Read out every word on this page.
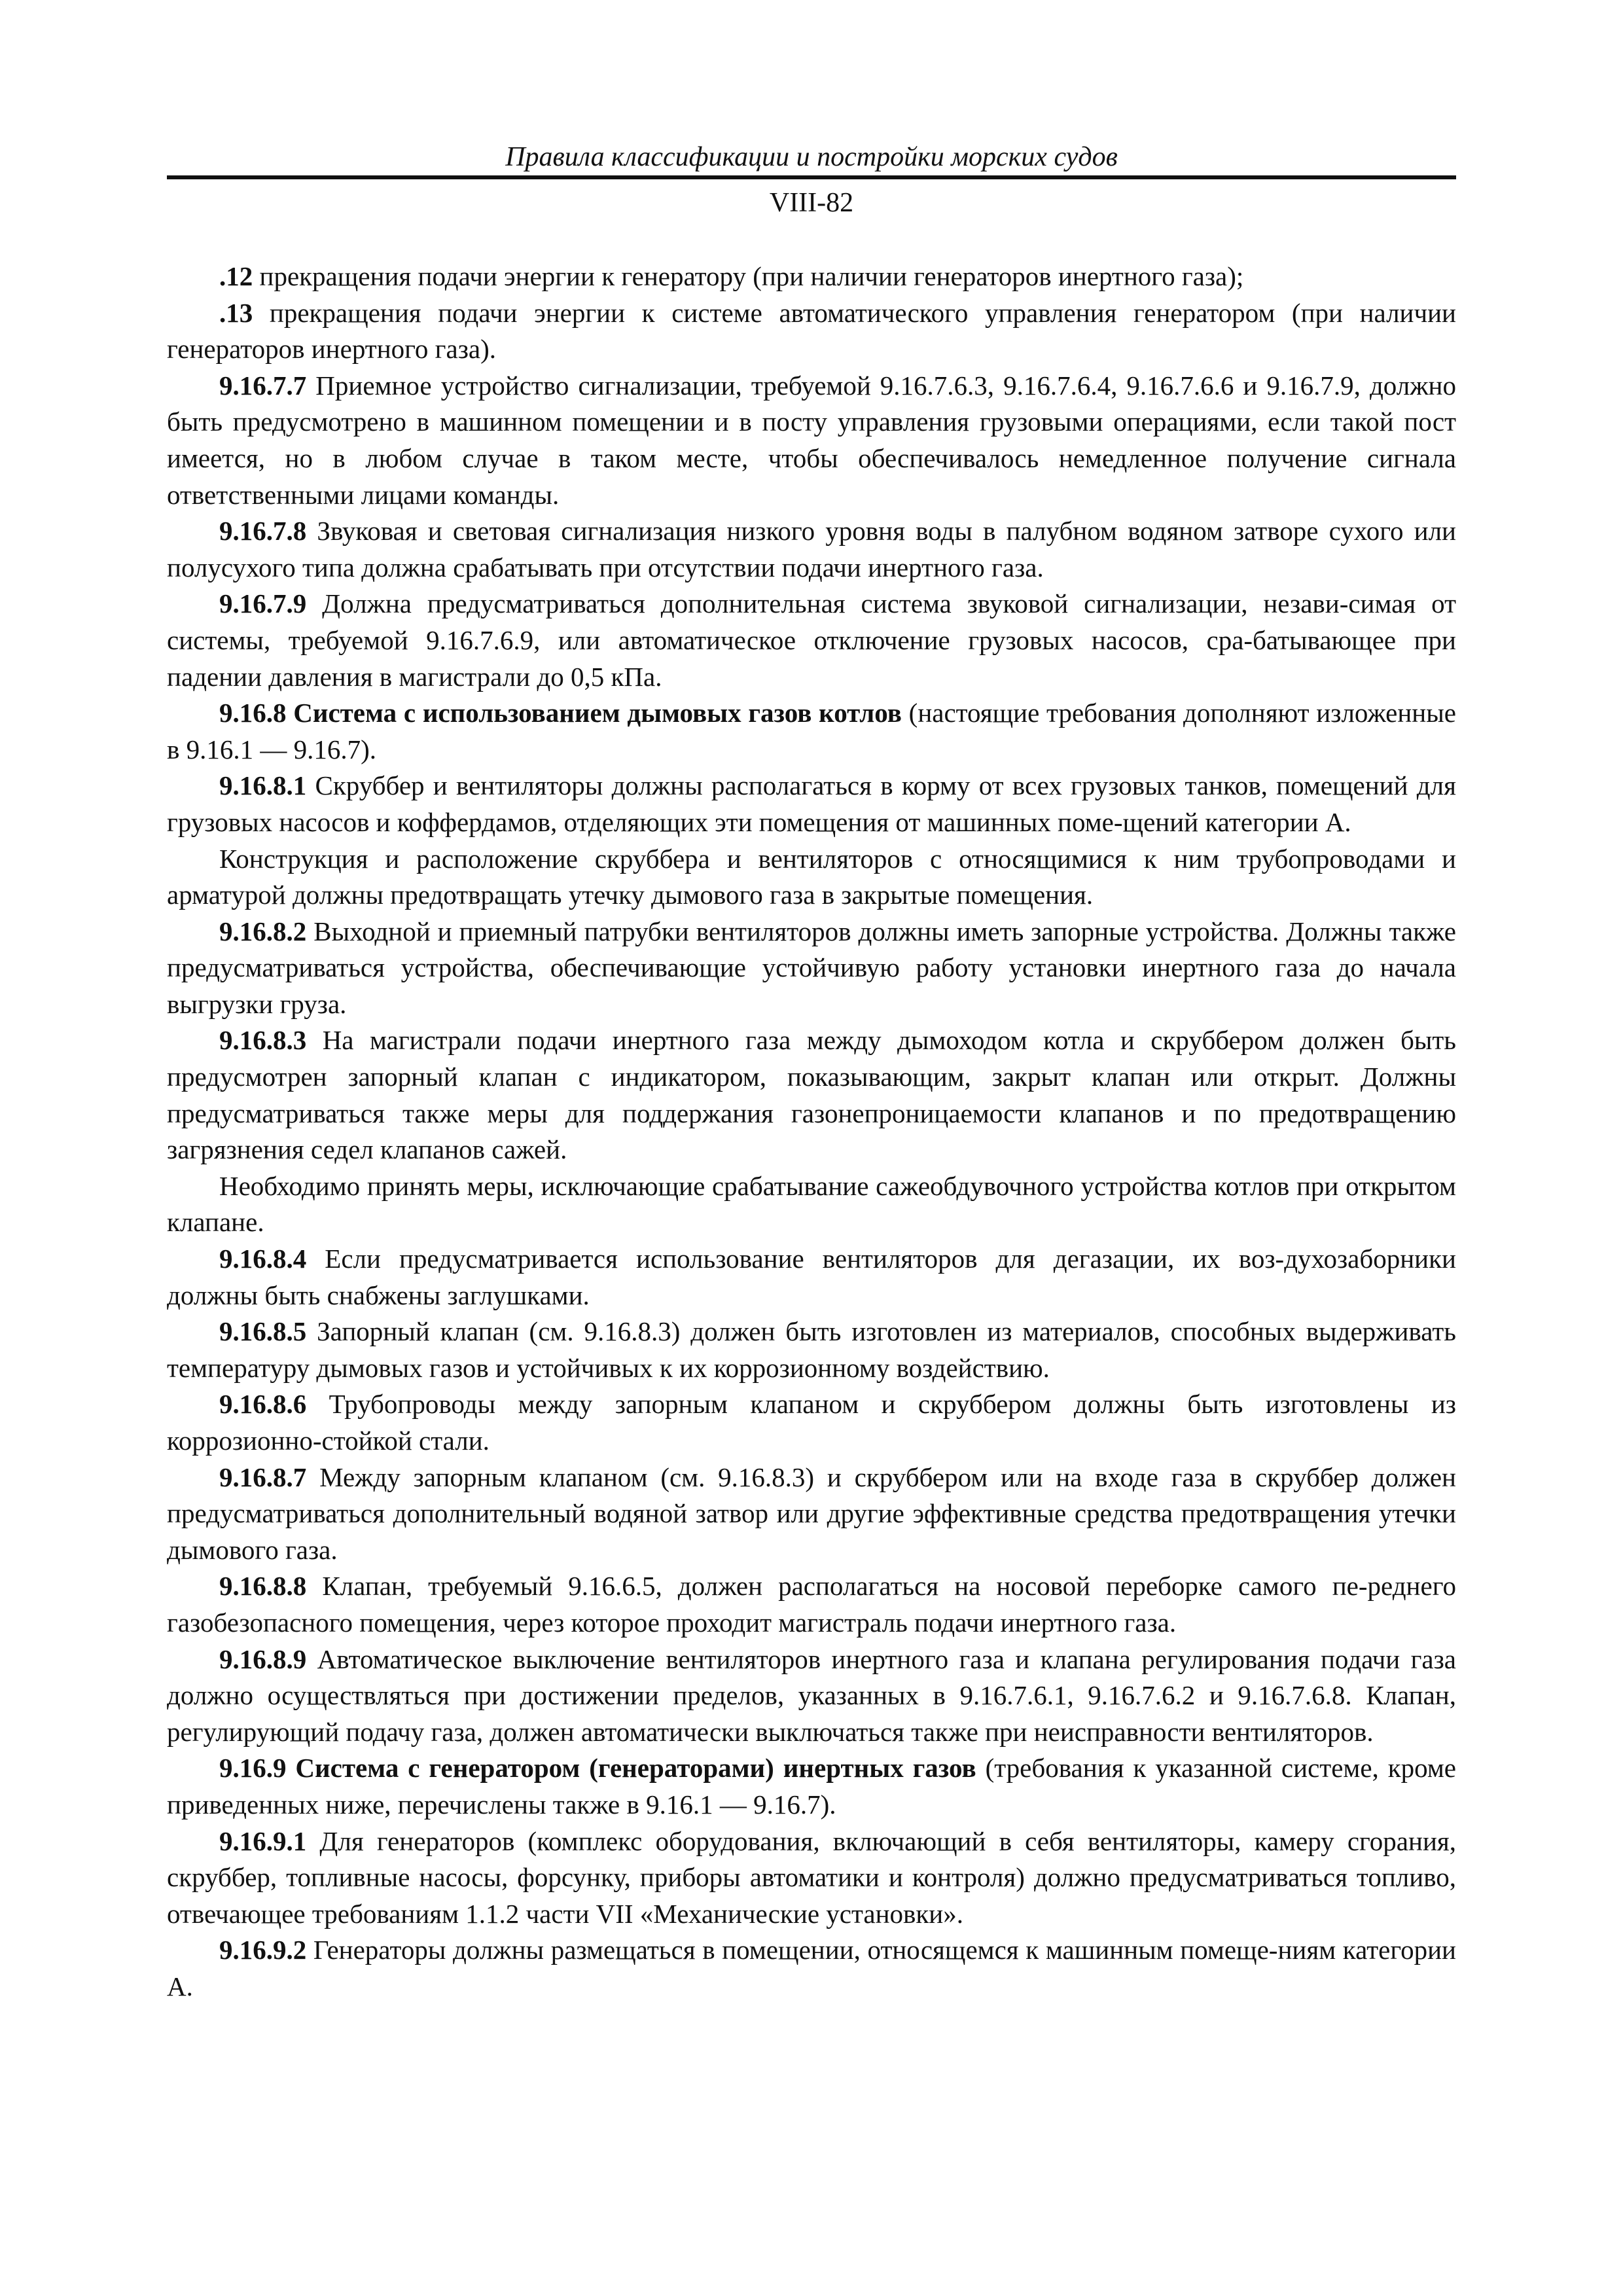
Правила классификации и постройки морских судов
VIII-82

.12 прекращения подачи энергии к генератору (при наличии генераторов инертного газа);

.13 прекращения подачи энергии к системе автоматического управления генератором (при наличии генераторов инертного газа).

9.16.7.7 Приемное устройство сигнализации, требуемой 9.16.7.6.3, 9.16.7.6.4, 9.16.7.6.6 и 9.16.7.9, должно быть предусмотрено в машинном помещении и в посту управления грузовыми операциями, если такой пост имеется, но в любом случае в таком месте, чтобы обеспечивалось немедленное получение сигнала ответственными лицами команды.

9.16.7.8 Звуковая и световая сигнализация низкого уровня воды в палубном водяном затворе сухого или полусухого типа должна срабатывать при отсутствии подачи инертного газа.

9.16.7.9 Должна предусматриваться дополнительная система звуковой сигнализации, незави-симая от системы, требуемой 9.16.7.6.9, или автоматическое отключение грузовых насосов, сра-батывающее при падении давления в магистрали до 0,5 кПа.

9.16.8 Система с использованием дымовых газов котлов (настоящие требования дополняют изложенные в 9.16.1 — 9.16.7).

9.16.8.1 Скруббер и вентиляторы должны располагаться в корму от всех грузовых танков, помещений для грузовых насосов и коффердамов, отделяющих эти помещения от машинных поме-щений категории А.

Конструкция и расположение скруббера и вентиляторов с относящимися к ним трубопроводами и арматурой должны предотвращать утечку дымового газа в закрытые помещения.

9.16.8.2 Выходной и приемный патрубки вентиляторов должны иметь запорные устройства. Должны также предусматриваться устройства, обеспечивающие устойчивую работу установки инертного газа до начала выгрузки груза.

9.16.8.3 На магистрали подачи инертного газа между дымоходом котла и скруббером должен быть предусмотрен запорный клапан с индикатором, показывающим, закрыт клапан или открыт. Должны предусматриваться также меры для поддержания газонепроницаемости клапанов и по предотвращению загрязнения седел клапанов сажей.

Необходимо принять меры, исключающие срабатывание сажеобдувочного устройства котлов при открытом клапане.

9.16.8.4 Если предусматривается использование вентиляторов для дегазации, их воз-духозаборники должны быть снабжены заглушками.

9.16.8.5 Запорный клапан (см. 9.16.8.3) должен быть изготовлен из материалов, способных выдерживать температуру дымовых газов и устойчивых к их коррозионному воздействию.

9.16.8.6 Трубопроводы между запорным клапаном и скруббером должны быть изготовлены из коррозионно-стойкой стали.

9.16.8.7 Между запорным клапаном (см. 9.16.8.3) и скруббером или на входе газа в скруббер должен предусматриваться дополнительный водяной затвор или другие эффективные средства предотвращения утечки дымового газа.

9.16.8.8 Клапан, требуемый 9.16.6.5, должен располагаться на носовой переборке самого пе-реднего газобезопасного помещения, через которое проходит магистраль подачи инертного газа.

9.16.8.9 Автоматическое выключение вентиляторов инертного газа и клапана регулирования подачи газа должно осуществляться при достижении пределов, указанных в 9.16.7.6.1, 9.16.7.6.2 и 9.16.7.6.8. Клапан, регулирующий подачу газа, должен автоматически выключаться также при неисправности вентиляторов.

9.16.9 Система с генератором (генераторами) инертных газов (требования к указанной системе, кроме приведенных ниже, перечислены также в 9.16.1 — 9.16.7).

9.16.9.1 Для генераторов (комплекс оборудования, включающий в себя вентиляторы, камеру сгорания, скруббер, топливные насосы, форсунку, приборы автоматики и контроля) должно предусматриваться топливо, отвечающее требованиям 1.1.2 части VII «Механические установки».

9.16.9.2 Генераторы должны размещаться в помещении, относящемся к машинным помеще-ниям категории А.
